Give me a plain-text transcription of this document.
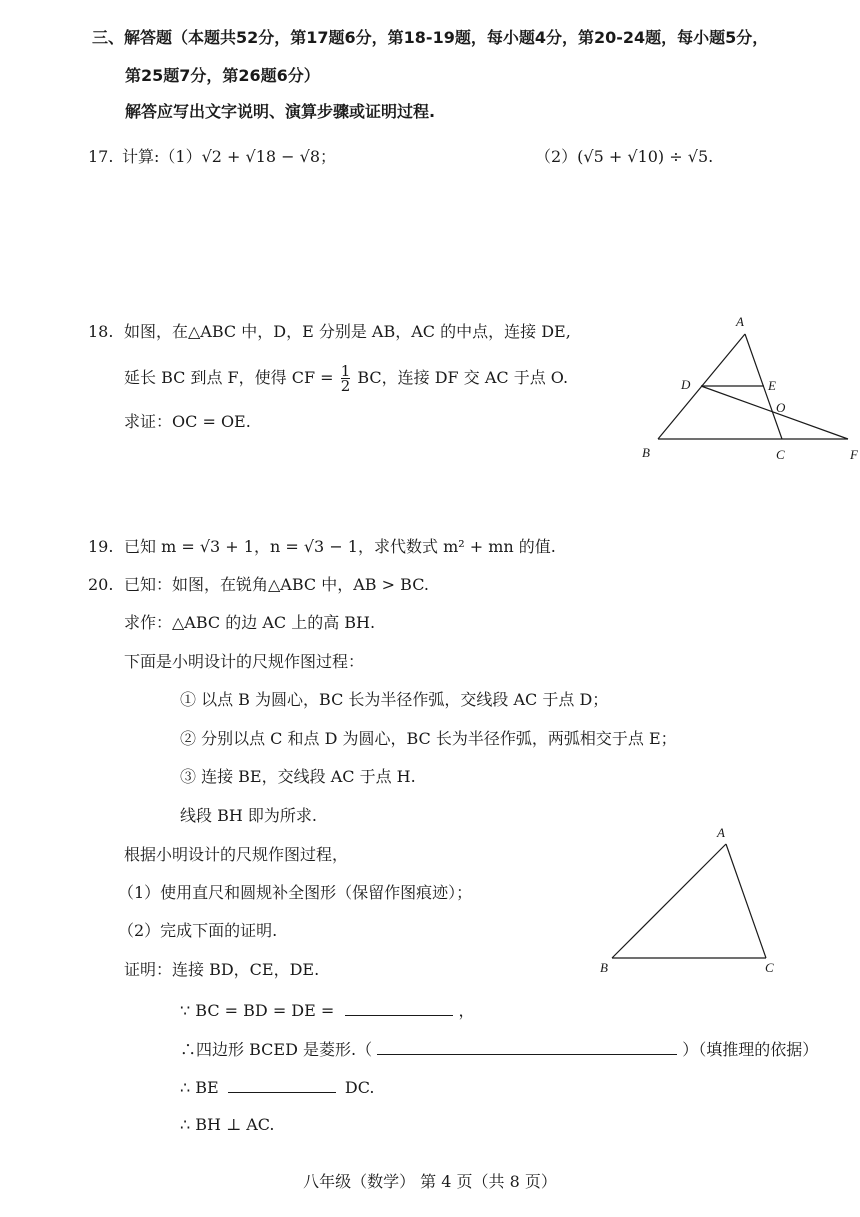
三、解答题（本题共52分，第17题6分，第18-19题，每小题4分，第20-24题，每小题5分，
第25题7分，第26题6分）
解答应写出文字说明、演算步骤或证明过程.
17. 计算:（1）√2 + √18 − √8；	（2）(√5 + √10) ÷ √5.
18. 如图，在△ABC 中，D，E 分别是 AB，AC 的中点，连接 DE,
延长 BC 到点 F，使得 CF = $\frac{1}{2}$ BC，连接 DF 交 AC 于点 O.
求证：OC = OE.
A
D	E
O
B	C	F
19. 已知 m = √3 + 1，n = √3 − 1，求代数式 m² + mn 的值.
20. 已知：如图，在锐角△ABC 中，AB > BC.
求作：△ABC 的边 AC 上的高 BH.
下面是小明设计的尺规作图过程：
① 以点 B 为圆心，BC 长为半径作弧，交线段 AC 于点 D；
② 分别以点 C 和点 D 为圆心，BC 长为半径作弧，两弧相交于点 E；
③ 连接 BE，交线段 AC 于点 H.
线段 BH 即为所求.
根据小明设计的尺规作图过程，
（1）使用直尺和圆规补全图形（保留作图痕迹）；
（2）完成下面的证明.
证明：连接 BD，CE，DE.
∵ BC = BD = DE =	，
∴四边形 BCED 是菱形.（	）（填推理的依据）
∴ BE	DC.
∴ BH ⊥ AC.
A
B	C
八年级（数学） 第 4 页（共 8 页）
